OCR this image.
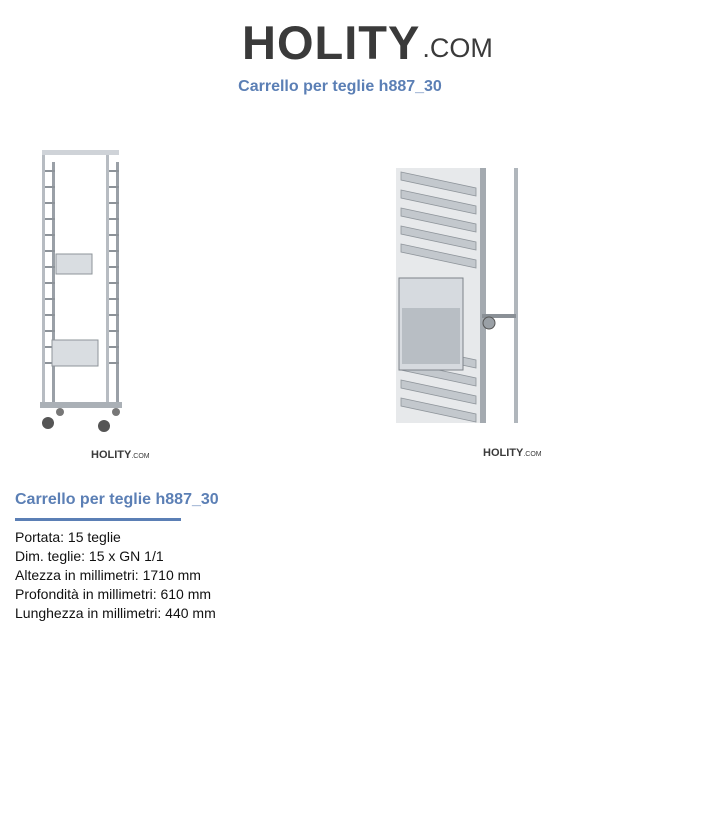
HOLITY .COM
Carrello per teglie h887_30
HOLITY.COM	HOLITY.COM
Carrello per teglie h887_30
Portata: 15 teglie
Dim. teglie: 15 x GN 1/1
Altezza in millimetri: 1710 mm
Profondità in millimetri: 610 mm
Lunghezza in millimetri: 440 mm
